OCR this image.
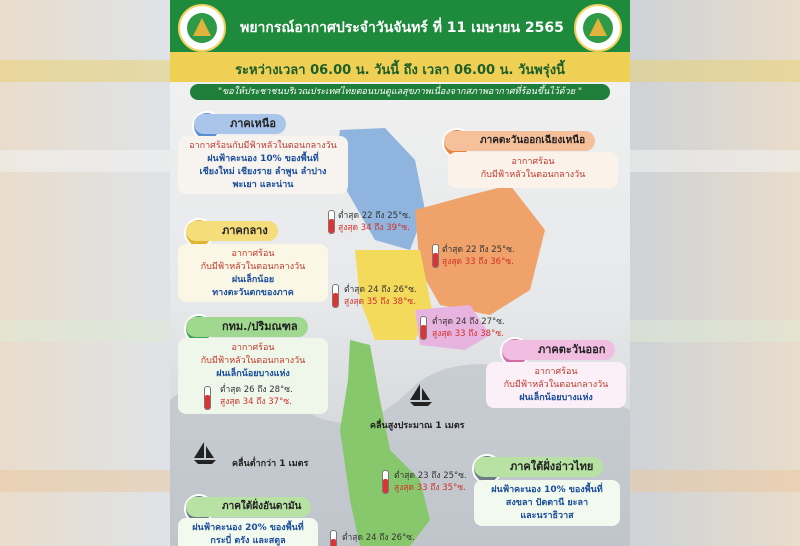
พยากรณ์อากาศประจำวันจันทร์ ที่ 11 เมษายน 2565
ระหว่างเวลา 06.00 น. วันนี้ ถึง เวลา 06.00 น. วันพรุ่งนี้
"ขอให้ประชาชนบริเวณประเทศไทยตอนบนดูแลสุขภาพเนื่องจากสภาพอากาศที่ร้อนขึ้นไว้ด้วย "
ภาคเหนือ
อากาศร้อนกับมีฟ้าหลัวในตอนกลางวัน
ฝนฟ้าคะนอง 10% ของพื้นที่
เชียงใหม่ เชียงราย ลำพูน ลำปาง
พะเยา และน่าน
ต่ำสุด 22 ถึง 25°ซ.
สูงสุด 34 ถึง 39°ซ.
ภาคตะวันออกเฉียงเหนือ
อากาศร้อน
กับมีฟ้าหลัวในตอนกลางวัน
ต่ำสุด 22 ถึง 25°ซ.
สูงสุด 33 ถึง 36°ซ.
ภาคกลาง
อากาศร้อน
กับมีฟ้าหลัวในตอนกลางวัน
ฝนเล็กน้อย
ทางตะวันตกของภาค	ต่ำสุด 24 ถึง 26°ซ.
สูงสุด 35 ถึง 38°ซ.
กทม./ปริมณฑล
อากาศร้อน
กับมีฟ้าหลัวในตอนกลางวัน
ฝนเล็กน้อยบางแห่ง
ต่ำสุด 26 ถึง 28°ซ.
สูงสุด 34 ถึง 37°ซ.
ต่ำสุด 24 ถึง 27°ซ.
สูงสุด 33 ถึง 38°ซ.
ภาคตะวันออก
อากาศร้อน
กับมีฟ้าหลัวในตอนกลางวัน
ฝนเล็กน้อยบางแห่ง
คลื่นสูงประมาณ 1 เมตร
คลื่นต่ำกว่า 1 เมตร
ต่ำสุด 23 ถึง 25°ซ.
สูงสุด 33 ถึง 35°ซ.
ภาคใต้ฝั่งอ่าวไทย
ฝนฟ้าคะนอง 10% ของพื้นที่
สงขลา ปัตตานี ยะลา
และนราธิวาส
ภาคใต้ฝั่งอันดามัน
ฝนฟ้าคะนอง 20% ของพื้นที่
กระบี่ ตรัง และสตูล	ต่ำสุด 24 ถึง 26°ซ.
